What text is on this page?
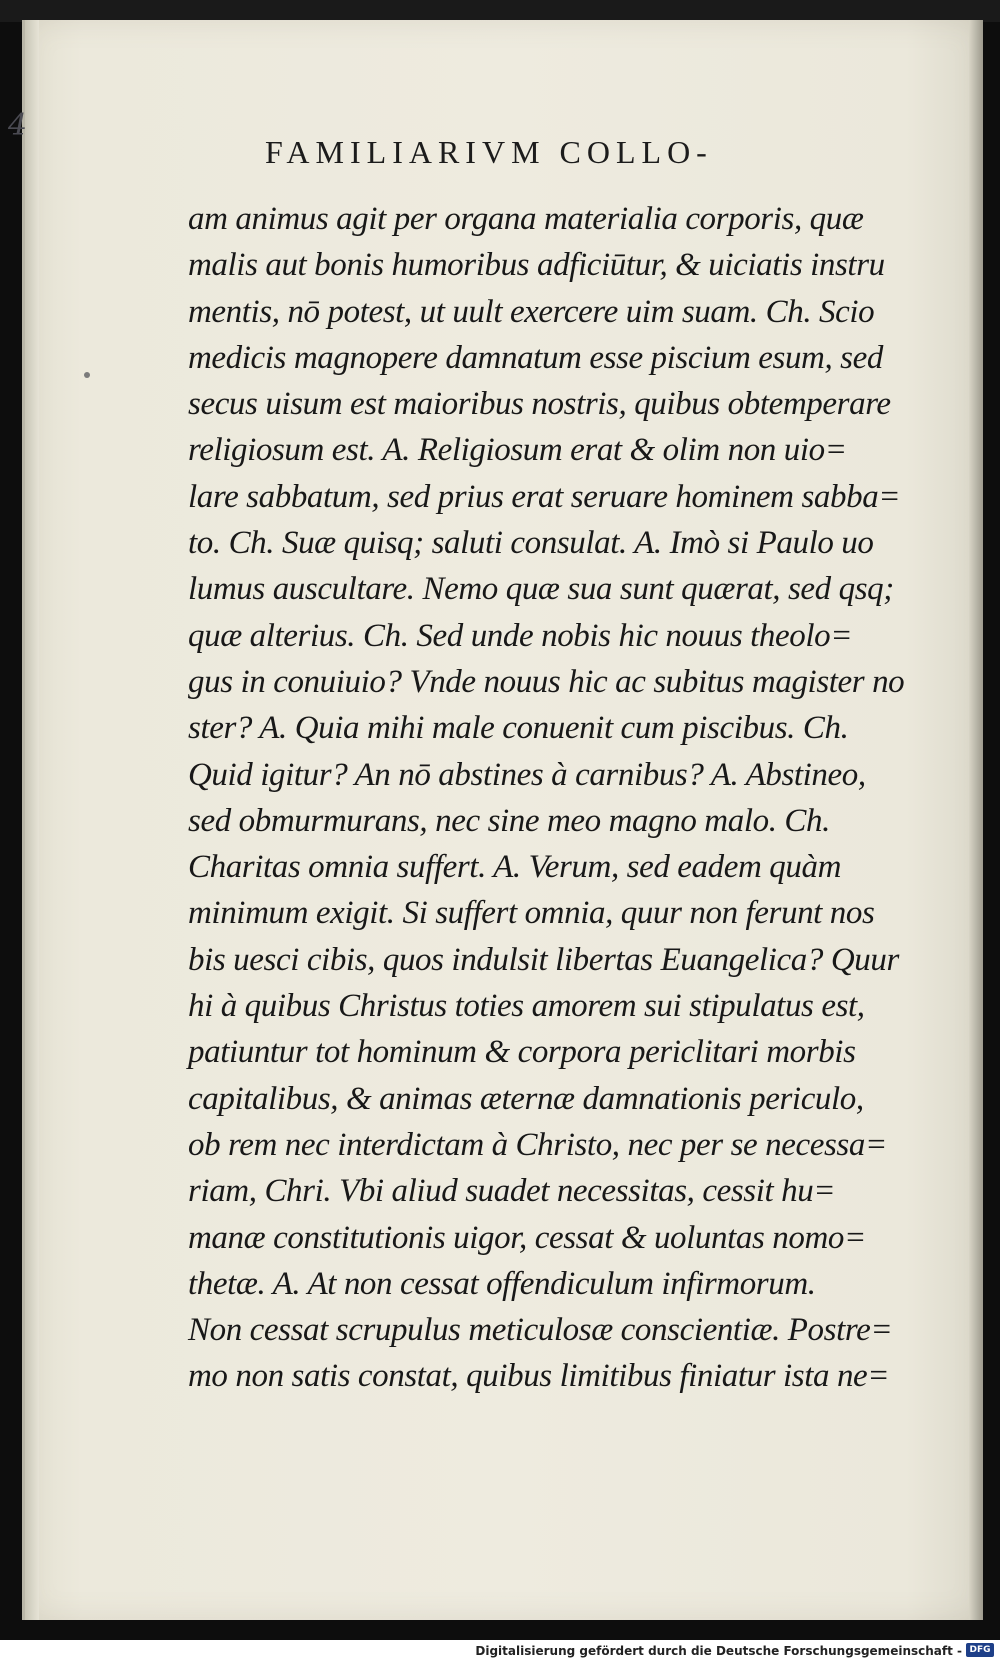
4
FAMILIARIVM COLLO-
am animus agit per organa materialia corporis, quæ
malis aut bonis humoribus adficiūtur, & uiciatis instru
mentis, nō potest, ut uult exercere uim suam. Ch. Scio
medicis magnopere damnatum esse piscium esum, sed
secus uisum est maioribus nostris, quibus obtemperare
religiosum est. A. Religiosum erat & olim non uio=
lare sabbatum, sed prius erat seruare hominem sabba=
to. Ch. Suæ quisq; saluti consulat. A. Imò si Paulo uo
lumus auscultare. Nemo quæ sua sunt quærat, sed qsq;
quæ alterius. Ch. Sed unde nobis hic nouus theolo=
gus in conuiuio? Vnde nouus hic ac subitus magister no
ster? A. Quia mihi male conuenit cum piscibus. Ch.
Quid igitur? An nō abstines à carnibus? A. Abstineo,
sed obmurmurans, nec sine meo magno malo. Ch.
Charitas omnia suffert. A. Verum, sed eadem quàm
minimum exigit. Si suffert omnia, quur non ferunt nos
bis uesci cibis, quos indulsit libertas Euangelica? Quur
hi à quibus Christus toties amorem sui stipulatus est,
patiuntur tot hominum & corpora periclitari morbis
capitalibus, & animas æternæ damnationis periculo,
ob rem nec interdictam à Christo, nec per se necessa=
riam, Chri. Vbi aliud suadet necessitas, cessit hu=
manæ constitutionis uigor, cessat & uoluntas nomo=
thetæ. A. At non cessat offendiculum infirmorum.
Non cessat scrupulus meticulosæ conscientiæ. Postre=
mo non satis constat, quibus limitibus finiatur ista ne=
Digitalisierung gefördert durch die Deutsche Forschungsgemeinschaft - DFG
